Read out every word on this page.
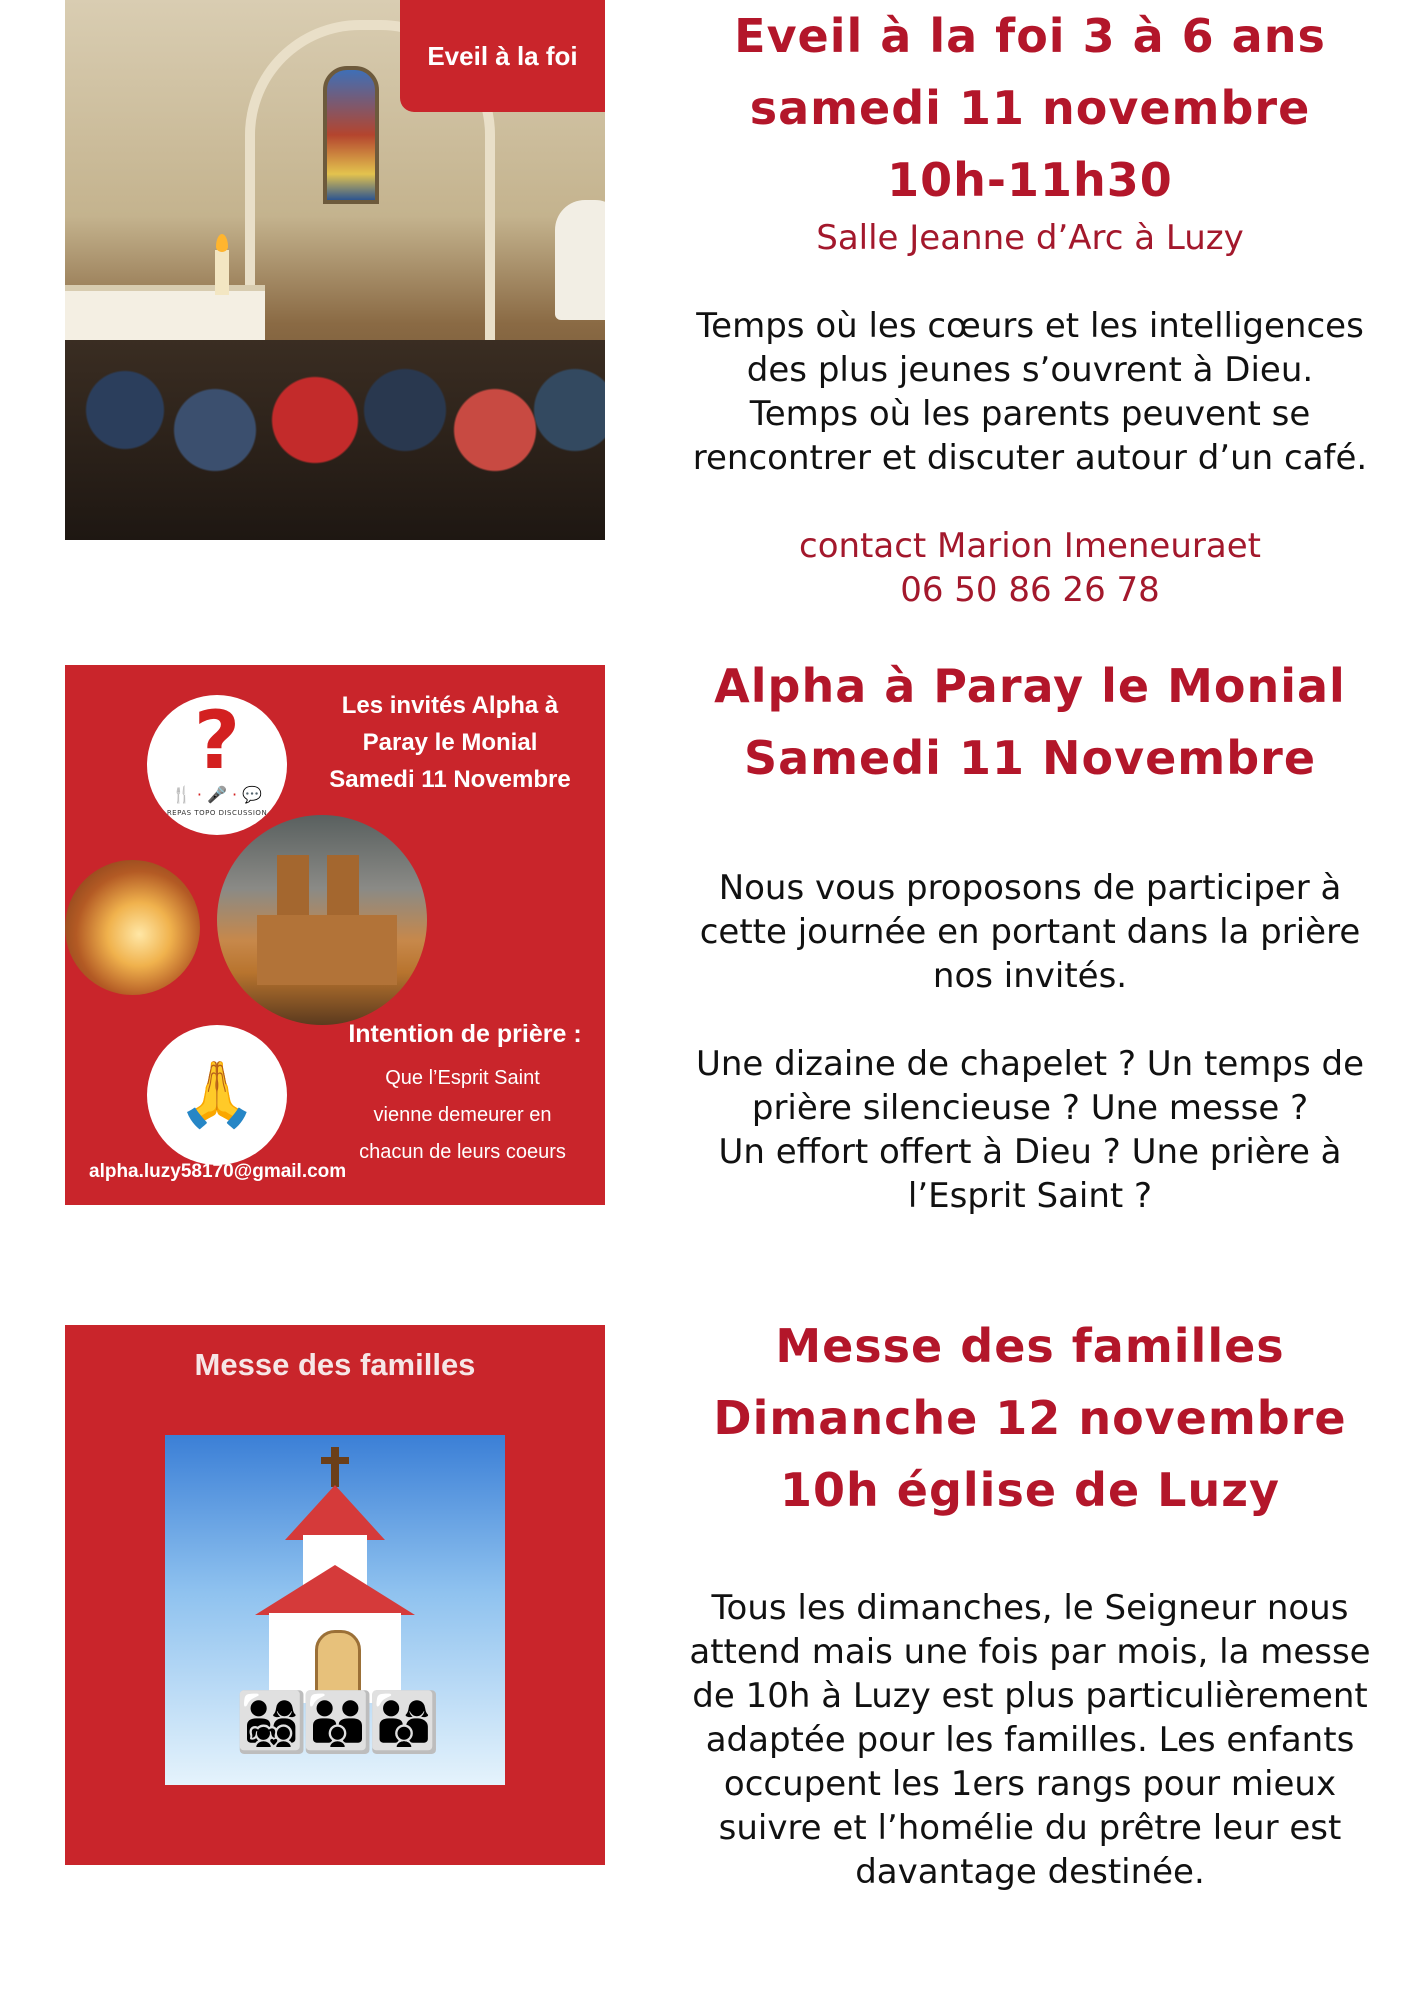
Eveil à la foi	Eveil à la foi 3 à 6 ans

samedi 11 novembre

10h-11h30

Salle Jeanne d’Arc à Luzy

Temps où les cœurs et les intelligences

des plus jeunes s’ouvrent à Dieu.

Temps où les parents peuvent se

rencontrer et discuter autour d’un café.

contact Marion Imeneuraet

06 50 86 26 78

?
🍴 · 🎤 · 💬
REPAS TOPO DISCUSSION
Les invités Alpha à
Paray le Monial
Samedi 11 Novembre
🙏
Intention de prière :
Que l’Esprit Saint
vienne demeurer en
chacun de leurs coeurs
alpha.luzy58170@gmail.com

Alpha à Paray le Monial

Samedi 11 Novembre

Nous vous proposons de participer à

cette journée en portant dans la prière

nos invités.

Une dizaine de chapelet ? Un temps de

prière silencieuse ? Une messe ?

Un effort offert à Dieu ? Une prière à

l’Esprit Saint ?

Messe des familles
👨‍👩‍👧‍👦👪👨‍👩‍👦

Messe des familles

Dimanche 12 novembre

10h église de Luzy

Tous les dimanches, le Seigneur nous

attend mais une fois par mois, la messe

de 10h à Luzy est plus particulièrement

adaptée pour les familles. Les enfants

occupent les 1ers rangs pour mieux

suivre et l’homélie du prêtre leur est

davantage destinée.
